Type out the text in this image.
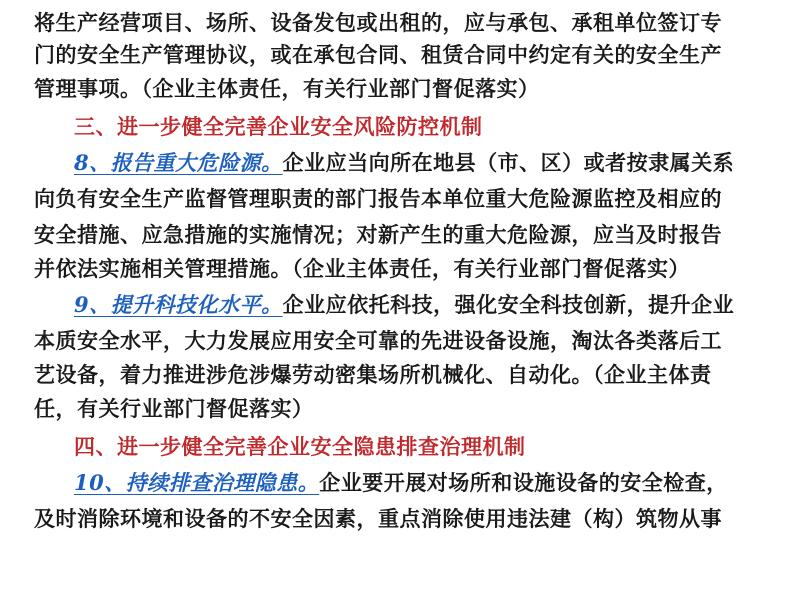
将生产经营项目、场所、设备发包或出租的，应与承包、承租单位签订专
门的安全生产管理协议，或在承包合同、租赁合同中约定有关的安全生产
管理事项。（企业主体责任，有关行业部门督促落实）
三、进一步健全完善企业安全风险防控机制
8、报告重大危险源。企业应当向所在地县（市、区）或者按隶属关系
向负有安全生产监督管理职责的部门报告本单位重大危险源监控及相应的
安全措施、应急措施的实施情况；对新产生的重大危险源，应当及时报告
并依法实施相关管理措施。（企业主体责任，有关行业部门督促落实）
9、提升科技化水平。企业应依托科技，强化安全科技创新，提升企业
本质安全水平，大力发展应用安全可靠的先进设备设施，淘汰各类落后工
艺设备，着力推进涉危涉爆劳动密集场所机械化、自动化。（企业主体责
任，有关行业部门督促落实）
四、进一步健全完善企业安全隐患排查治理机制
10、持续排查治理隐患。企业要开展对场所和设施设备的安全检查，
及时消除环境和设备的不安全因素，重点消除使用违法建（构）筑物从事
